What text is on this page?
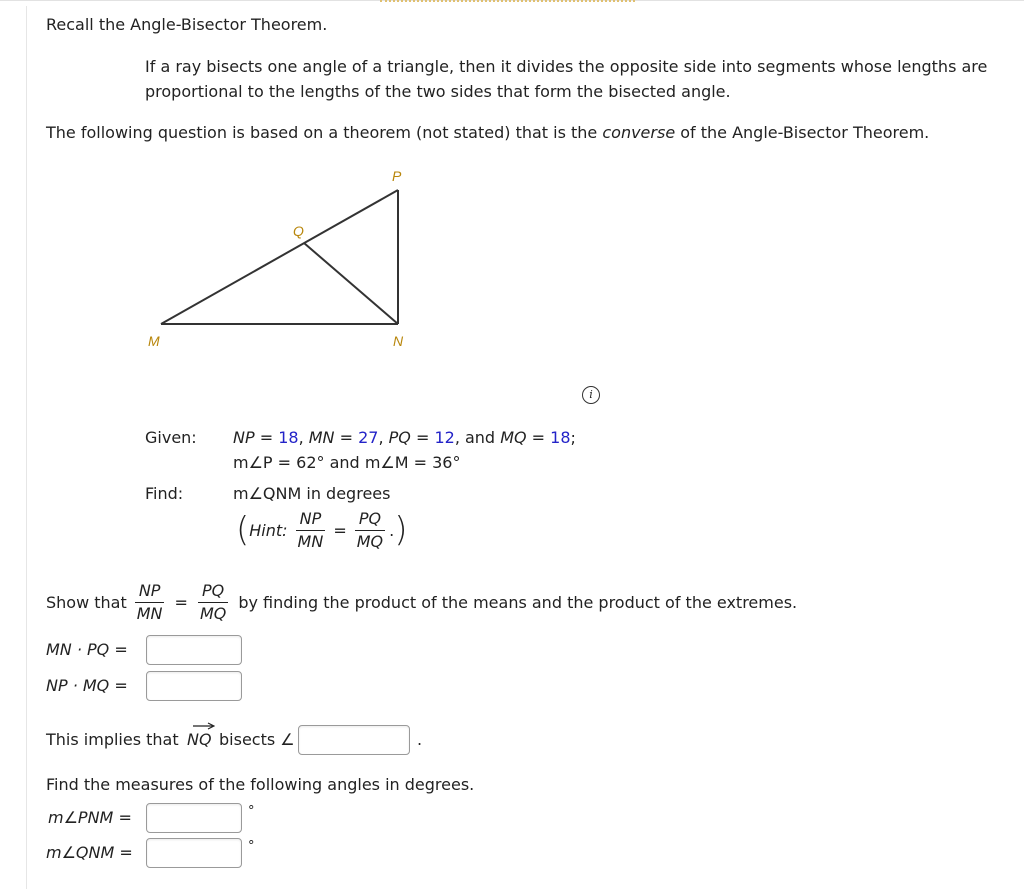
Recall the Angle-Bisector Theorem.
If a ray bisects one angle of a triangle, then it divides the opposite side into segments whose lengths are
proportional to the lengths of the two sides that form the bisected angle.
The following question is based on a theorem (not stated) that is the converse of the Angle-Bisector Theorem.
P
Q
M	N
i
Given: NP = 18, MN = 27, PQ = 12, and MQ = 18;
m∠P = 62° and m∠M = 36°
Find:	m∠QNM in degrees
( Hint: $\frac{NP}{MN} = \frac{PQ}{MQ}$ . )
Show that $\frac{NP}{MN} = \frac{PQ}{MQ}$ by finding the product of the means and the product of the extremes.
MN · PQ =
NP · MQ =
This implies that NQ bisects ∠	.
Find the measures of the following angles in degrees.
m∠PNM =	°
m∠QNM =	°
